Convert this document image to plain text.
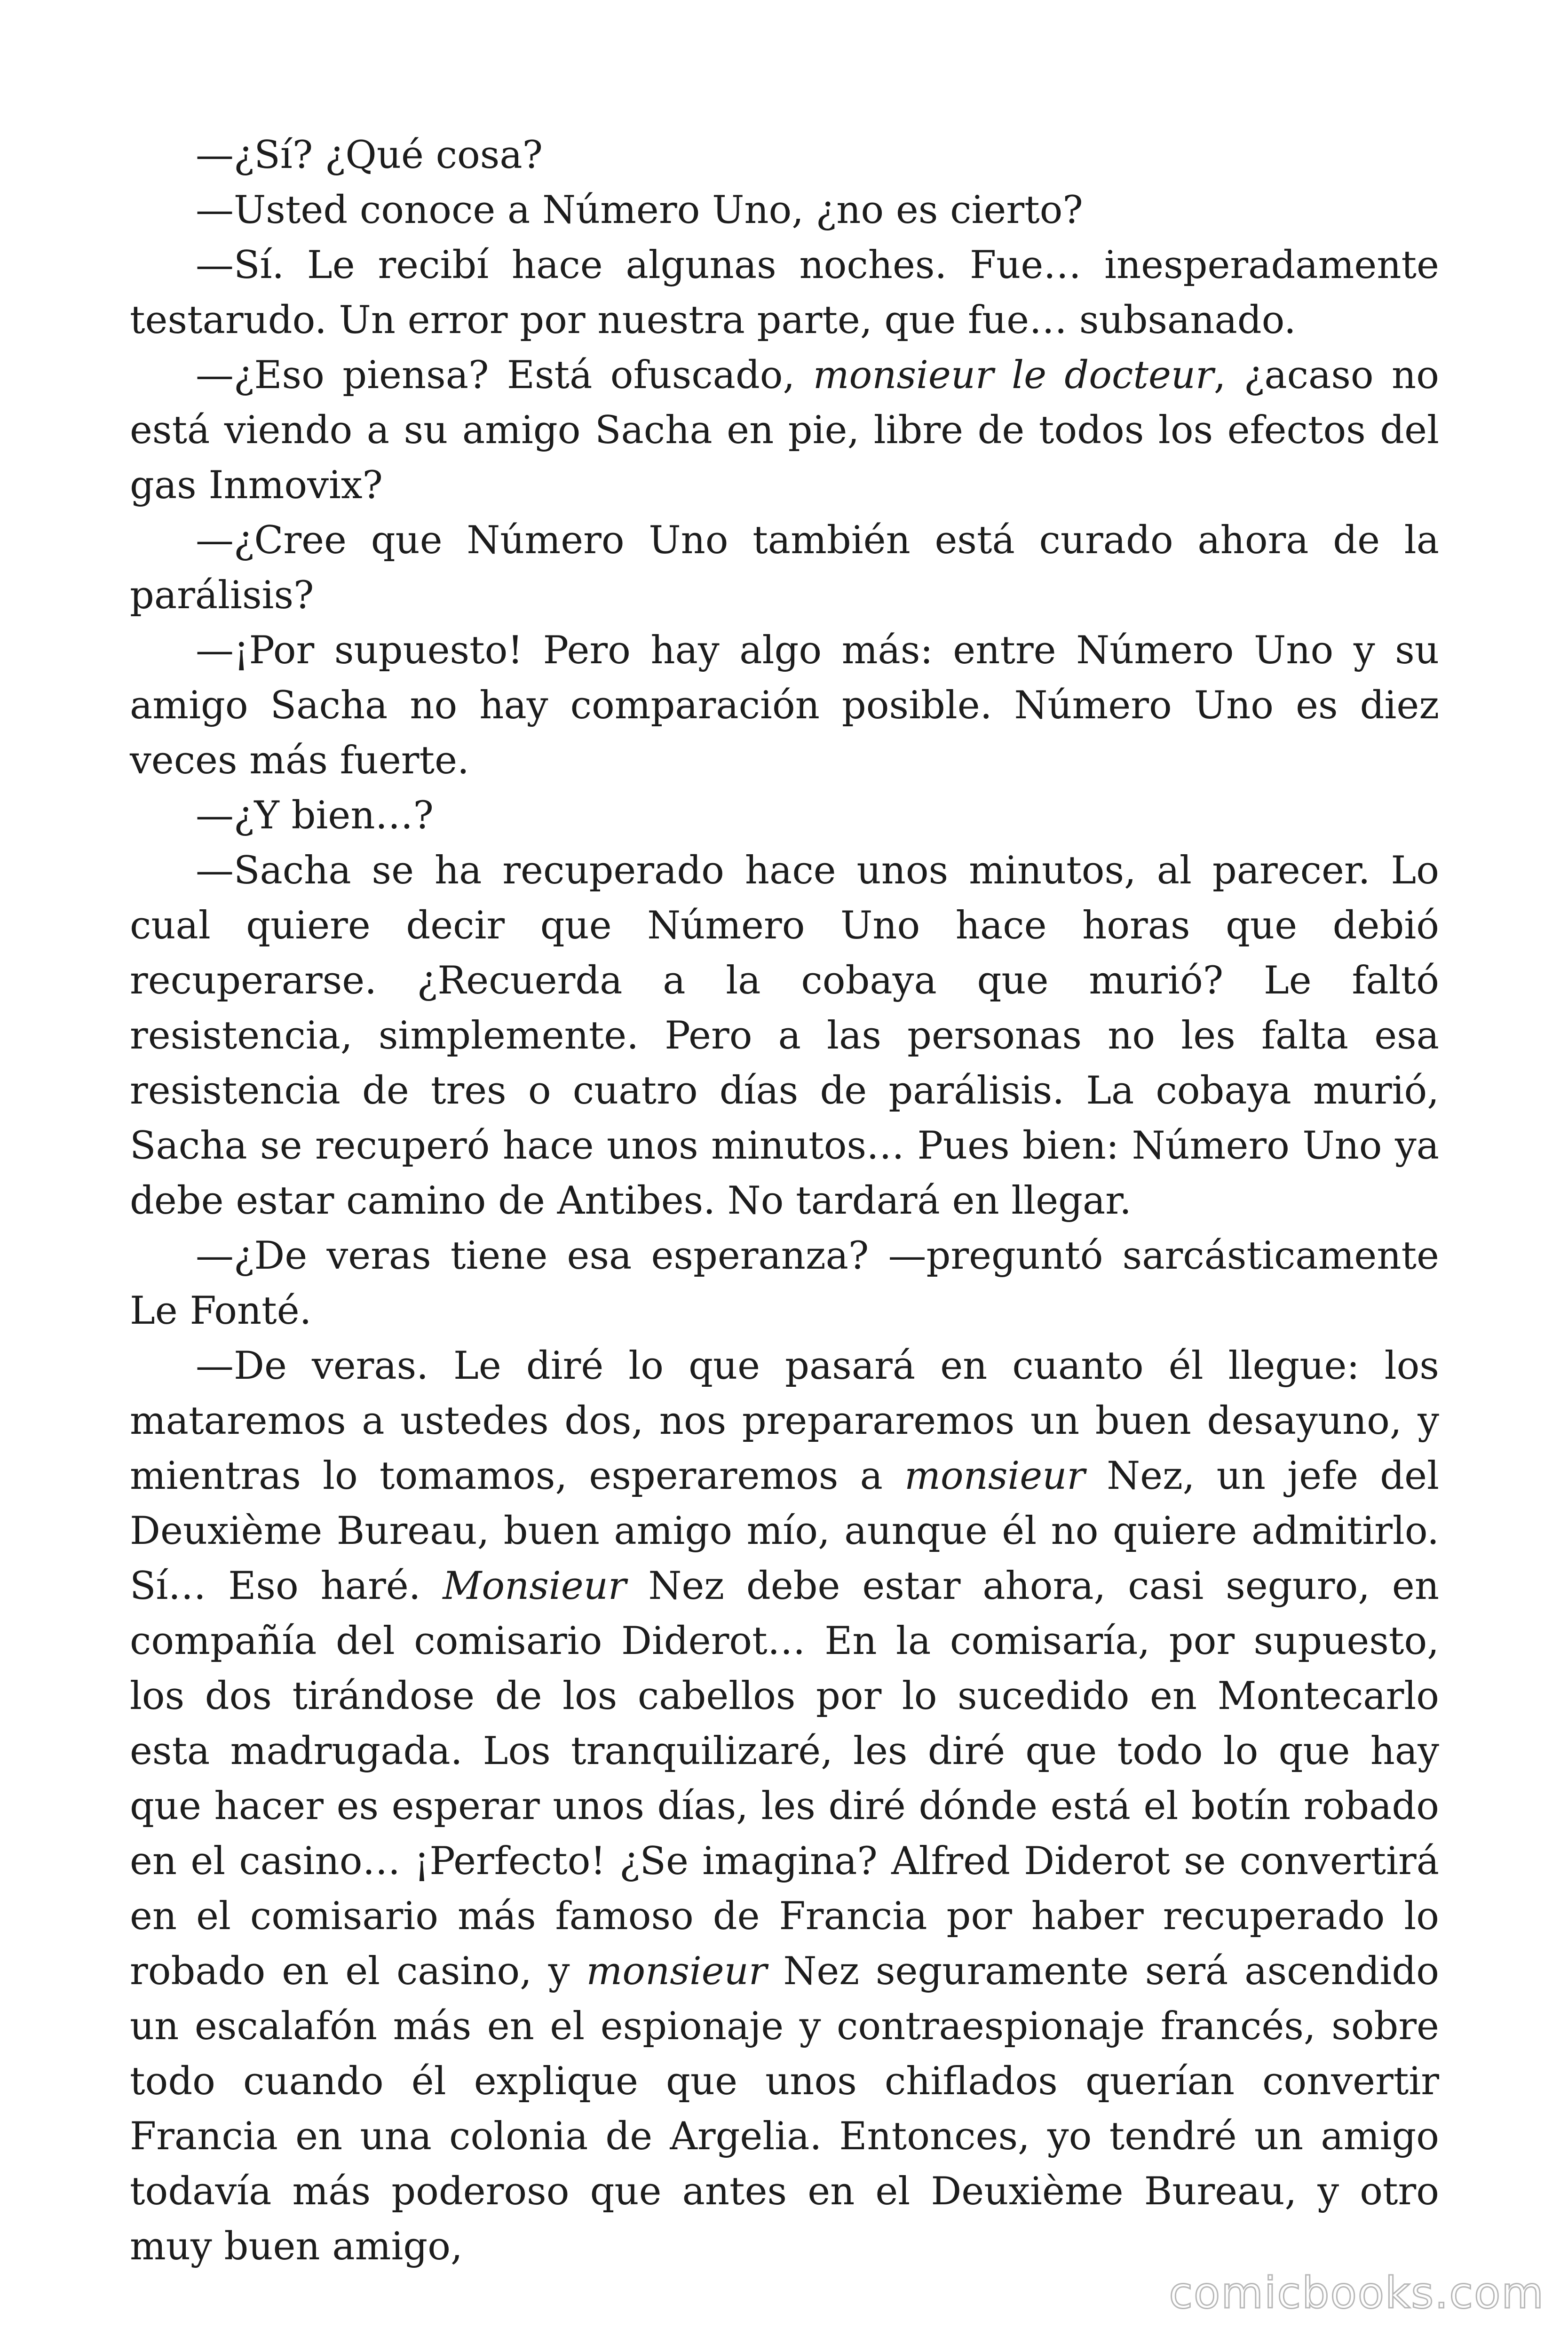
—¿Sí? ¿Qué cosa?

—Usted conoce a Número Uno, ¿no es cierto?

—Sí. Le recibí hace algunas noches. Fue… inesperadamente testarudo. Un error por nuestra parte, que fue… subsanado.

—¿Eso piensa? Está ofuscado, monsieur le docteur, ¿acaso no está viendo a su amigo Sacha en pie, libre de todos los efectos del gas Inmovix?

—¿Cree que Número Uno también está curado ahora de la parálisis?

—¡Por supuesto! Pero hay algo más: entre Número Uno y su amigo Sacha no hay comparación posible. Número Uno es diez veces más fuerte.

—¿Y bien…?

—Sacha se ha recuperado hace unos minutos, al parecer. Lo cual quiere decir que Número Uno hace horas que debió recuperarse. ¿Recuerda a la cobaya que murió? Le faltó resistencia, simplemente. Pero a las personas no les falta esa resistencia de tres o cuatro días de parálisis. La cobaya murió, Sacha se recuperó hace unos minutos… Pues bien: Número Uno ya debe estar camino de Antibes. No tardará en llegar.

—¿De veras tiene esa esperanza? —preguntó sarcásticamente Le Fonté.

—De veras. Le diré lo que pasará en cuanto él llegue: los mataremos a ustedes dos, nos prepararemos un buen desayuno, y mientras lo tomamos, esperaremos a monsieur Nez, un jefe del Deuxième Bureau, buen amigo mío, aunque él no quiere admitirlo. Sí… Eso haré. Monsieur Nez debe estar ahora, casi seguro, en compañía del comisario Diderot… En la comisaría, por supuesto, los dos tirándose de los cabellos por lo sucedido en Montecarlo esta madrugada. Los tranquilizaré, les diré que todo lo que hay que hacer es esperar unos días, les diré dónde está el botín robado en el casino… ¡Perfecto! ¿Se imagina? Alfred Diderot se convertirá en el comisario más famoso de Francia por haber recuperado lo robado en el casino, y monsieur Nez seguramente será ascendido un escalafón más en el espionaje y contraespionaje francés, sobre todo cuando él explique que unos chiflados querían convertir Francia en una colonia de Argelia. Entonces, yo tendré un amigo todavía más poderoso que antes en el Deuxième Bureau, y otro muy buen amigo,

comicbooks.com
